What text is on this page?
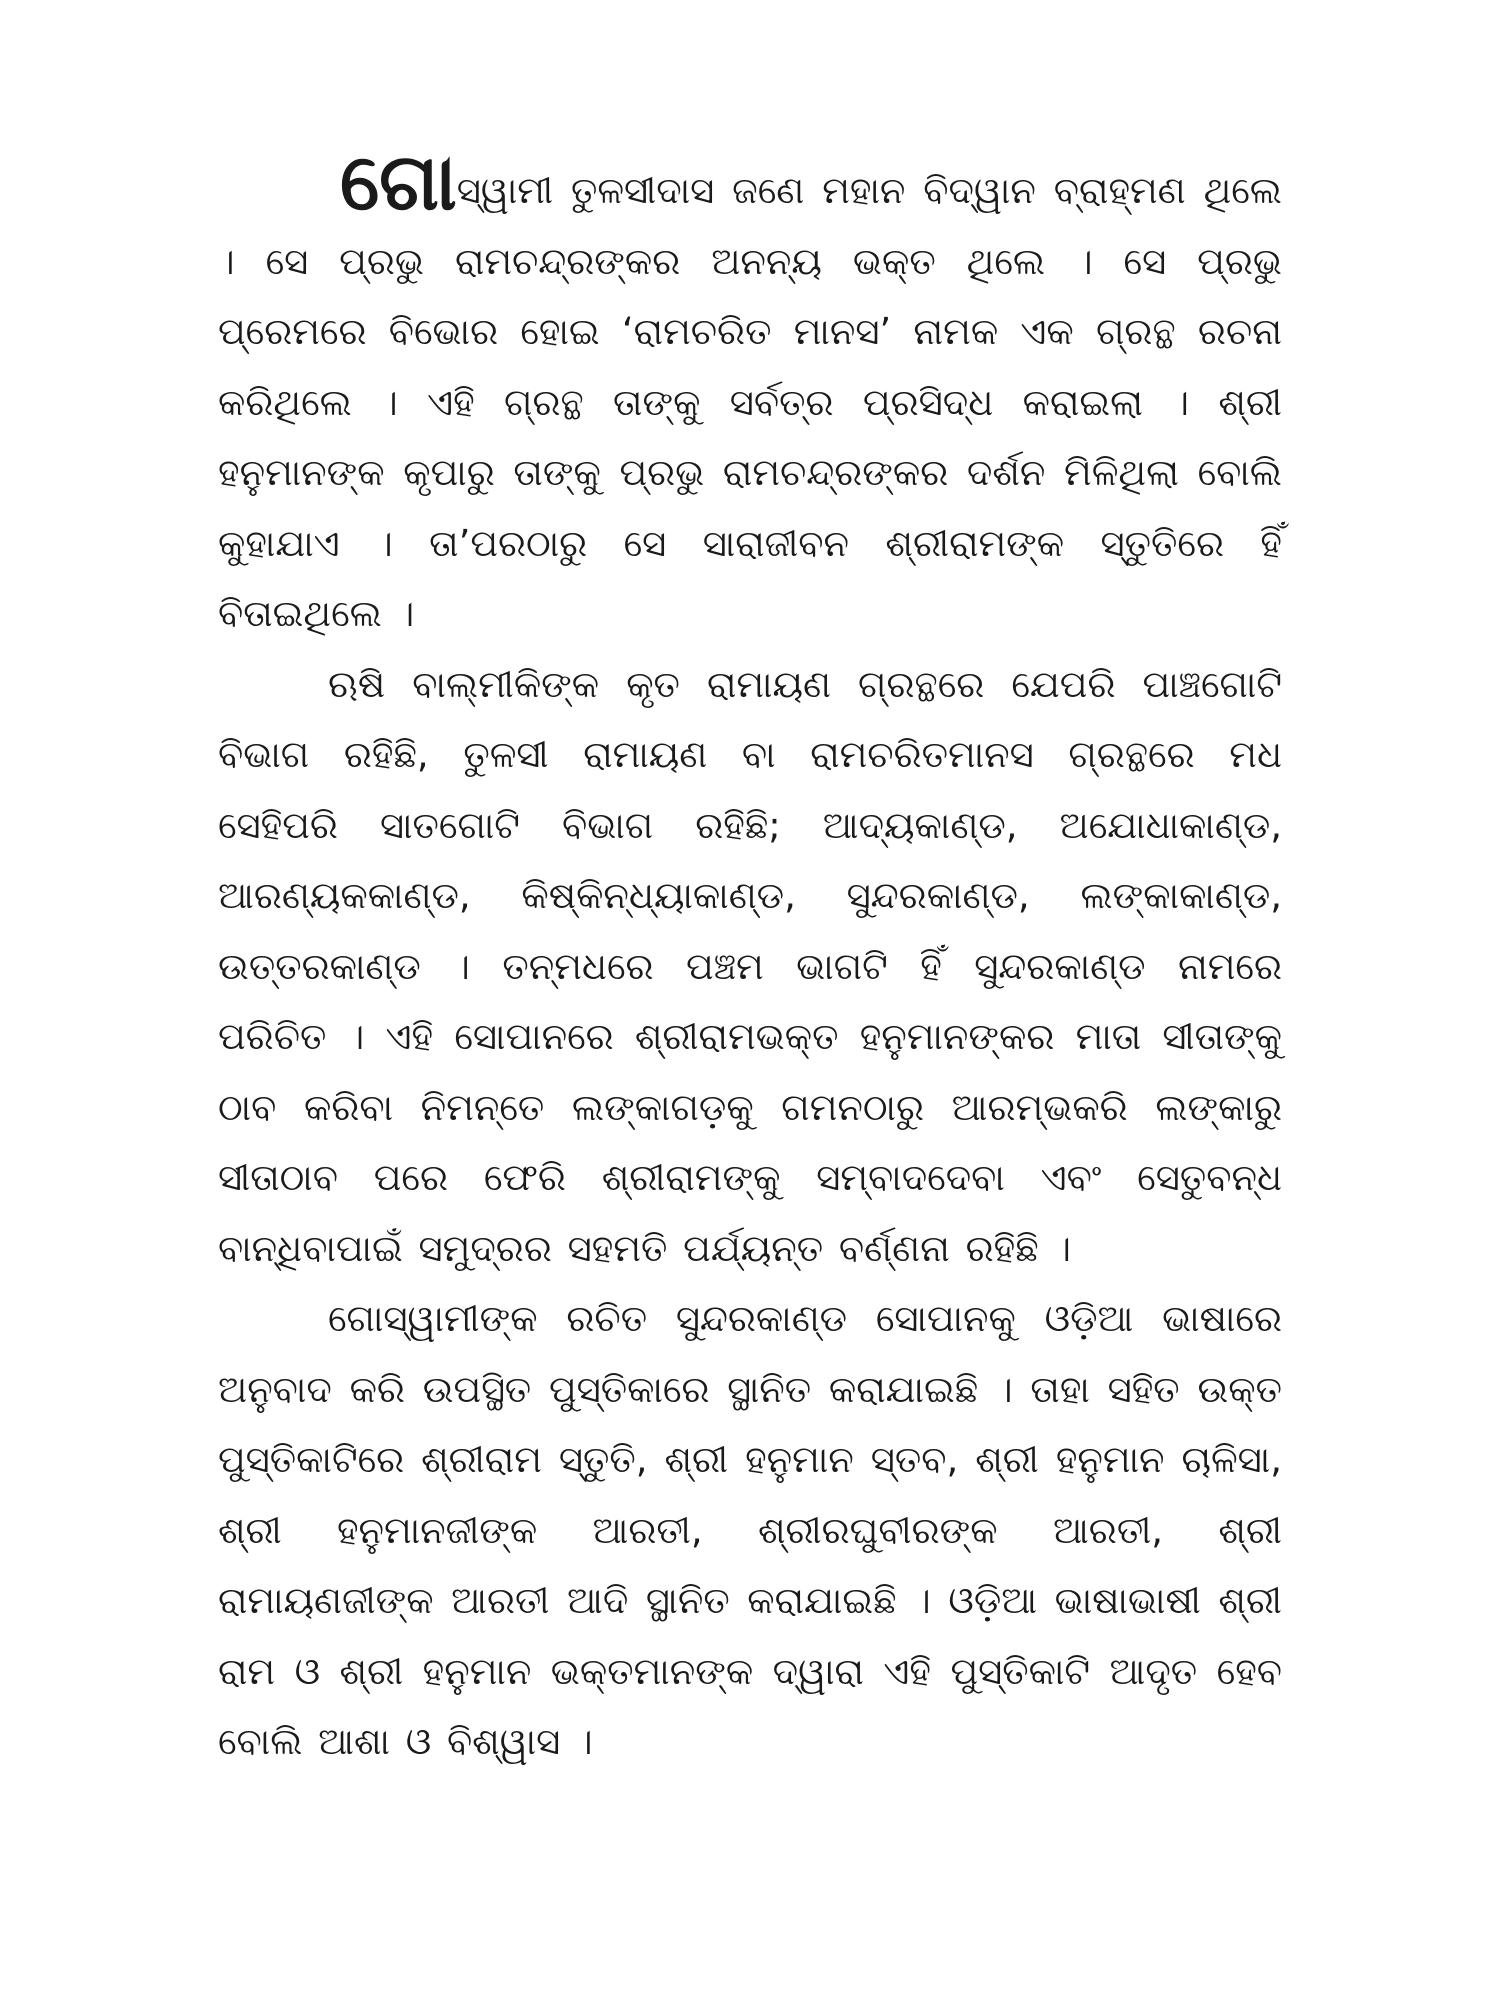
ଗୋସ୍ୱାମୀ ତୁଳସୀଦାସ ଜଣେ ମହାନ ବିଦ୍ୱାନ ବ୍ରାହ୍ମଣ ଥିଲେ । ସେ ପ୍ରଭୁ ରାମଚନ୍ଦ୍ରଙ୍କର ଅନନ୍ୟ ଭକ୍ତ ଥିଲେ । ସେ ପ୍ରଭୁ ପ୍ରେମରେ ବିଭୋର ହୋଇ ‘ରାମଚରିତ ମାନସ’ ନାମକ ଏକ ଗ୍ରନ୍ଥ ରଚନା କରିଥିଲେ । ଏହି ଗ୍ରନ୍ଥ ତାଙ୍କୁ ସର୍ବତ୍ର ପ୍ରସିଦ୍ଧ କରାଇଲା । ଶ୍ରୀ ହନୁମାନଙ୍କ କୃପାରୁ ତାଙ୍କୁ ପ୍ରଭୁ ରାମଚନ୍ଦ୍ରଙ୍କର ଦର୍ଶନ ମିଳିଥିଲା ବୋଲି କୁହାଯାଏ । ତା’ପରଠାରୁ ସେ ସାରାଜୀବନ ଶ୍ରୀରାମଙ୍କ ସ୍ତୁତିରେ ହିଁ ବିତାଇଥିଲେ ।

ଋଷି ବାଲ୍ମୀକିଙ୍କ କୃତ ରାମାୟଣ ଗ୍ରନ୍ଥରେ ଯେପରି ପାଞ୍ଚଗୋଟି ବିଭାଗ ରହିଛି, ତୁଳସୀ ରାମାୟଣ ବା ରାମଚରିତମାନସ ଗ୍ରନ୍ଥରେ ମଧ ସେହିପରି ସାତଗୋଟି ବିଭାଗ ରହିଛି; ଆଦ୍ୟକାଣ୍ଡ, ଅଯୋଧାକାଣ୍ଡ, ଆରଣ୍ୟକକାଣ୍ଡ, କିଷ୍କିନ୍ଧ୍ୟାକାଣ୍ଡ, ସୁନ୍ଦରକାଣ୍ଡ, ଲଙ୍କାକାଣ୍ଡ, ଉତ୍ତରକାଣ୍ଡ । ତନ୍ମଧରେ ପଞ୍ଚମ ଭାଗଟି ହିଁ ସୁନ୍ଦରକାଣ୍ଡ ନାମରେ ପରିଚିତ । ଏହି ସୋପାନରେ ଶ୍ରୀରାମଭକ୍ତ ହନୁମାନଙ୍କର ମାତା ସୀତାଙ୍କୁ ଠାବ କରିବା ନିମନ୍ତେ ଲଙ୍କାଗଡ଼କୁ ଗମନଠାରୁ ଆରମ୍ଭକରି ଲଙ୍କାରୁ ସୀତାଠାବ ପରେ ଫେରି ଶ୍ରୀରାମଙ୍କୁ ସମ୍ବାଦଦେବା ଏବଂ ସେତୁବନ୍ଧ ବାନ୍ଧିବାପାଇଁ ସମୁଦ୍ରର ସହମତି ପର୍ଯ୍ୟନ୍ତ ବର୍ଣ୍ଣନା ରହିଛି ।

ଗୋସ୍ୱାମୀଙ୍କ ରଚିତ ସୁନ୍ଦରକାଣ୍ଡ ସୋପାନକୁ ଓଡ଼ିଆ ଭାଷାରେ ଅନୁବାଦ କରି ଉପସ୍ଥିତ ପୁସ୍ତିକାରେ ସ୍ଥାନିତ କରାଯାଇଛି । ତାହା ସହିତ ଉକ୍ତ ପୁସ୍ତିକାଟିରେ ଶ୍ରୀରାମ ସ୍ତୁତି, ଶ୍ରୀ ହନୁମାନ ସ୍ତବ, ଶ୍ରୀ ହନୁମାନ ଚାଳିସା, ଶ୍ରୀ ହନୁମାନଜୀଙ୍କ ଆରତୀ, ଶ୍ରୀରଘୁବୀରଙ୍କ ଆରତୀ, ଶ୍ରୀ ରାମାୟଣଜୀଙ୍କ ଆରତୀ ଆଦି ସ୍ଥାନିତ କରାଯାଇଛି । ଓଡ଼ିଆ ଭାଷାଭାଷୀ ଶ୍ରୀ ରାମ ଓ ଶ୍ରୀ ହନୁମାନ ଭକ୍ତମାନଙ୍କ ଦ୍ୱାରା ଏହି ପୁସ୍ତିକାଟି ଆଦୃତ ହେବ ବୋଲି ଆଶା ଓ ବିଶ୍ୱାସ ।
